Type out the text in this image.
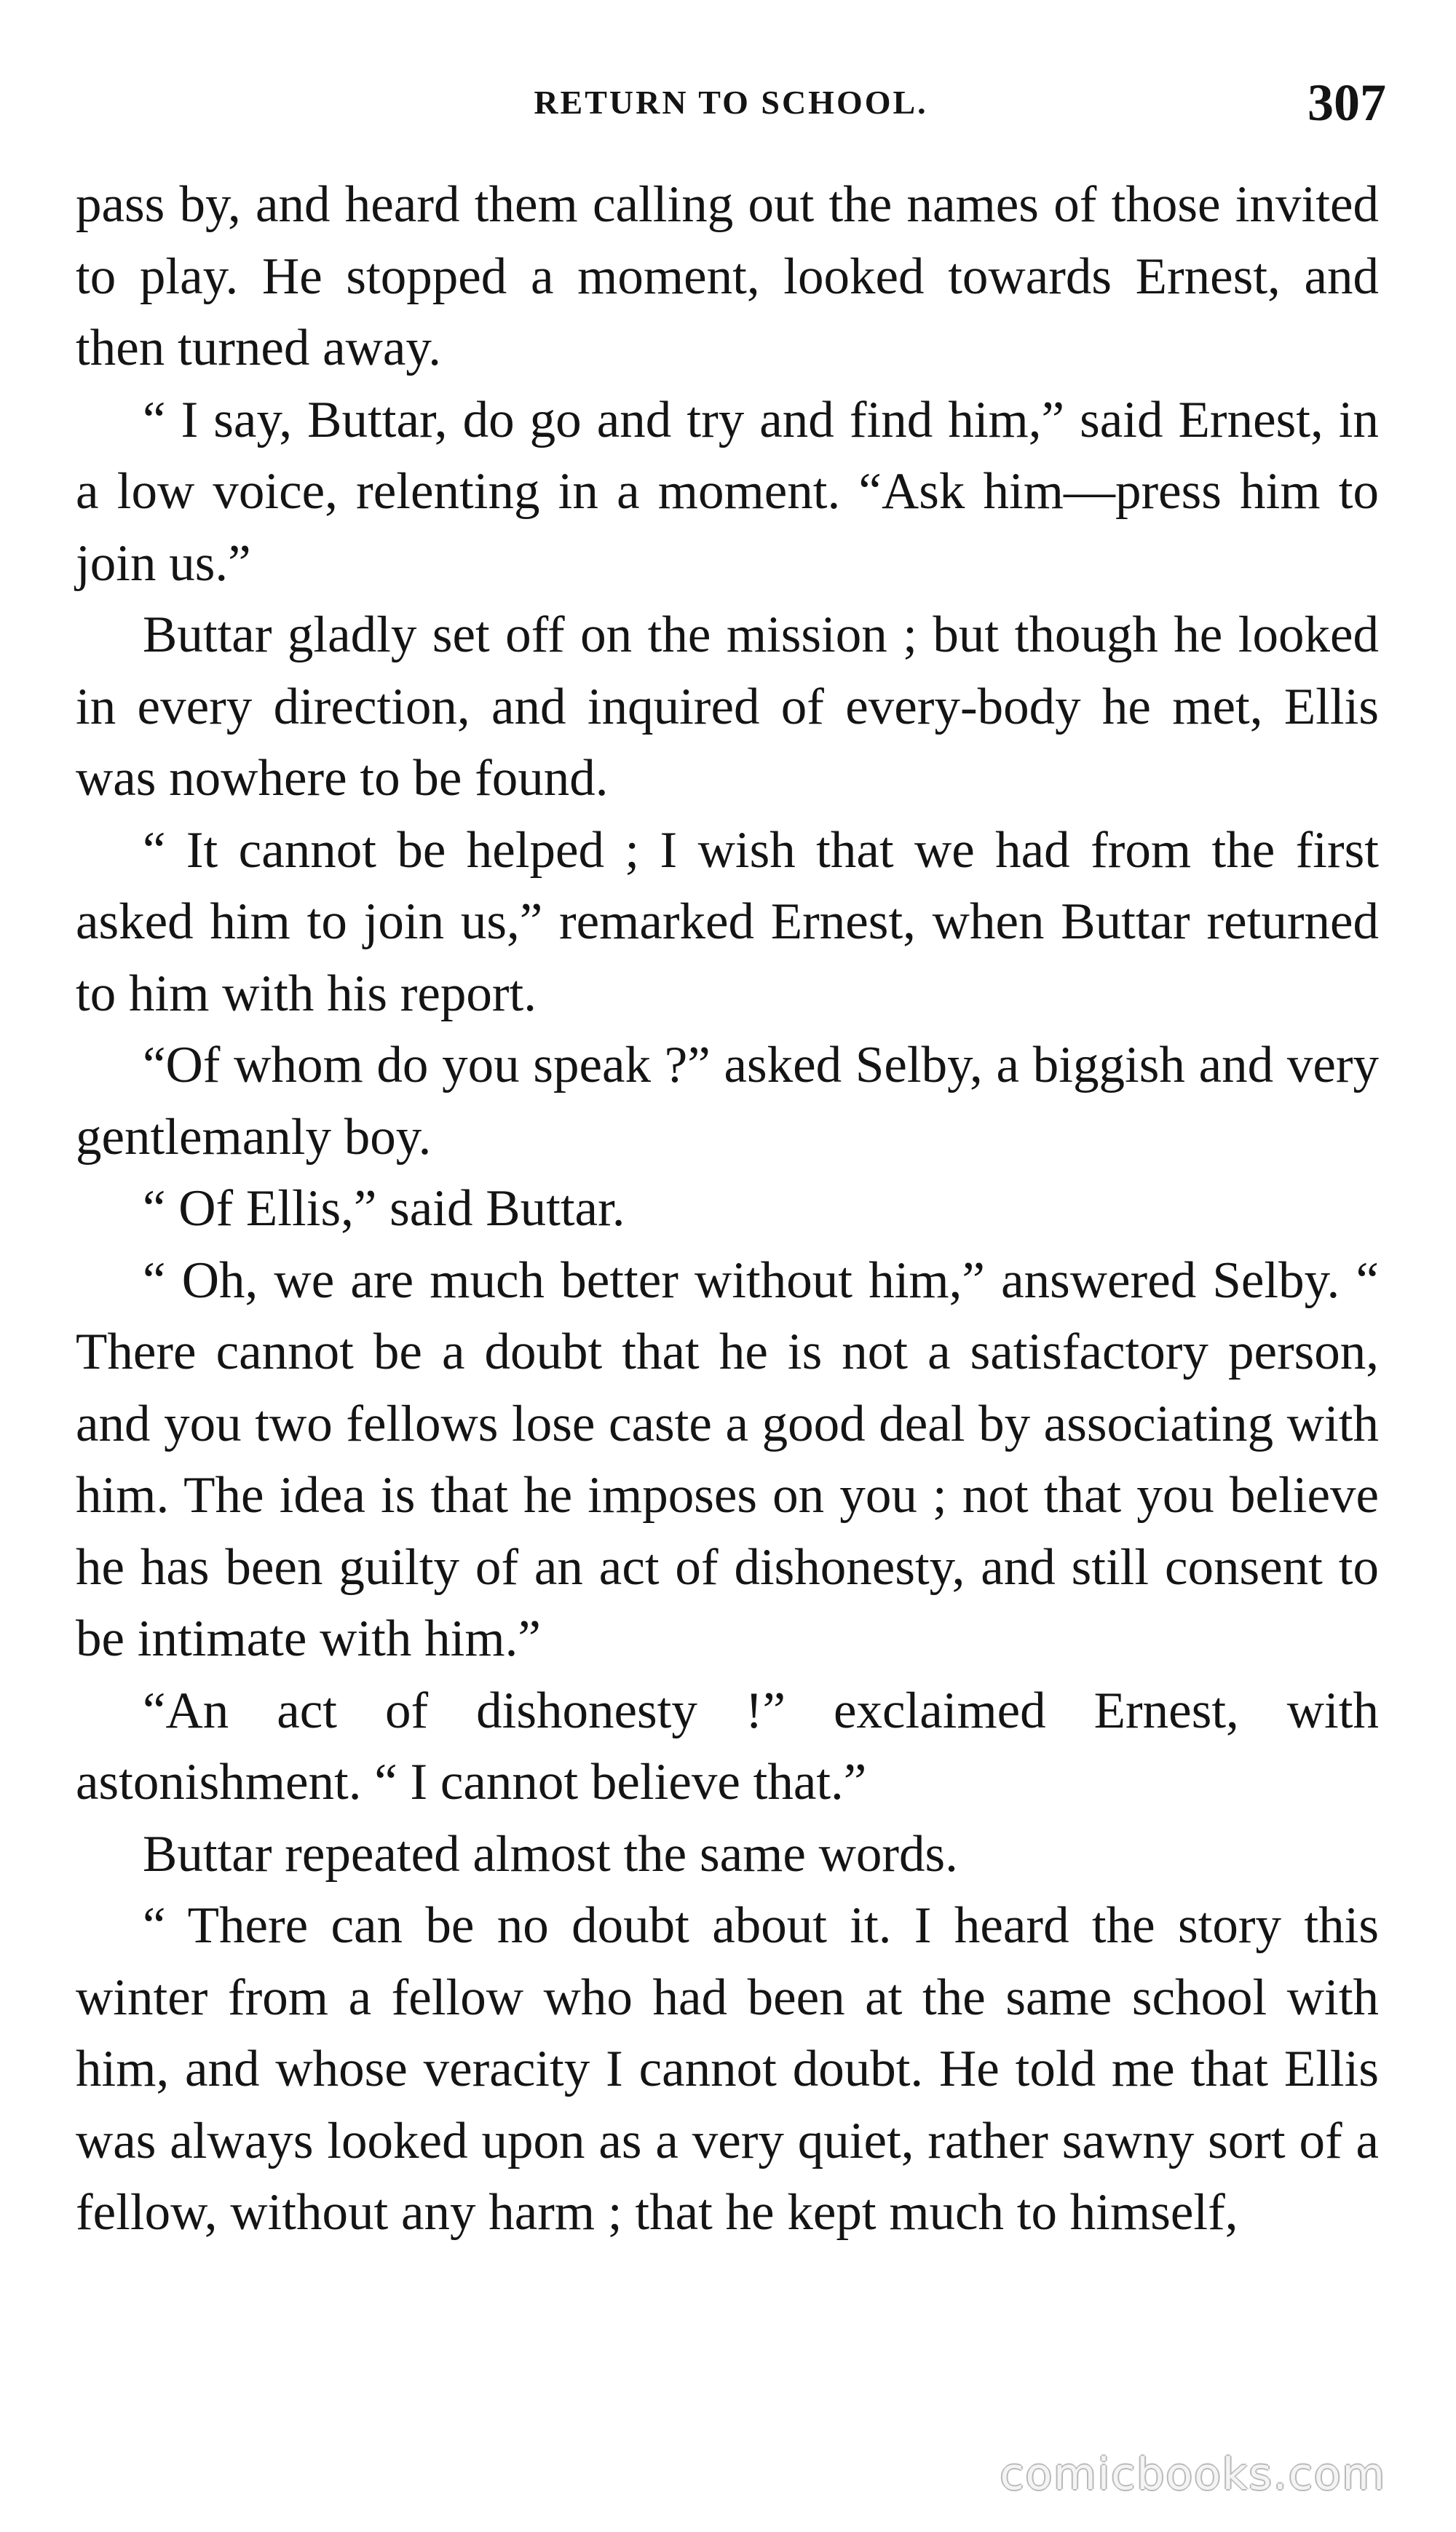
RETURN TO SCHOOL.	307

pass by, and heard them calling out the names of those invited to play. He stopped a moment, looked towards Ernest, and then turned away.

“ I say, Buttar, do go and try and find him,” said Ernest, in a low voice, relenting in a moment. “Ask him—press him to join us.”

Buttar gladly set off on the mission ; but though he looked in every direction, and inquired of every-body he met, Ellis was nowhere to be found.

“ It cannot be helped ; I wish that we had from the first asked him to join us,” remarked Ernest, when Buttar returned to him with his report.

“Of whom do you speak ?” asked Selby, a biggish and very gentlemanly boy.

“ Of Ellis,” said Buttar.

“ Oh, we are much better without him,” answered Selby. “ There cannot be a doubt that he is not a satisfactory person, and you two fellows lose caste a good deal by associating with him. The idea is that he imposes on you ; not that you believe he has been guilty of an act of dishonesty, and still consent to be intimate with him.”

“An act of dishonesty !” exclaimed Ernest, with astonishment. “ I cannot believe that.”

Buttar repeated almost the same words.

“ There can be no doubt about it. I heard the story this winter from a fellow who had been at the same school with him, and whose veracity I cannot doubt. He told me that Ellis was always looked upon as a very quiet, rather sawny sort of a fellow, without any harm ; that he kept much to himself,

comicbooks.com
